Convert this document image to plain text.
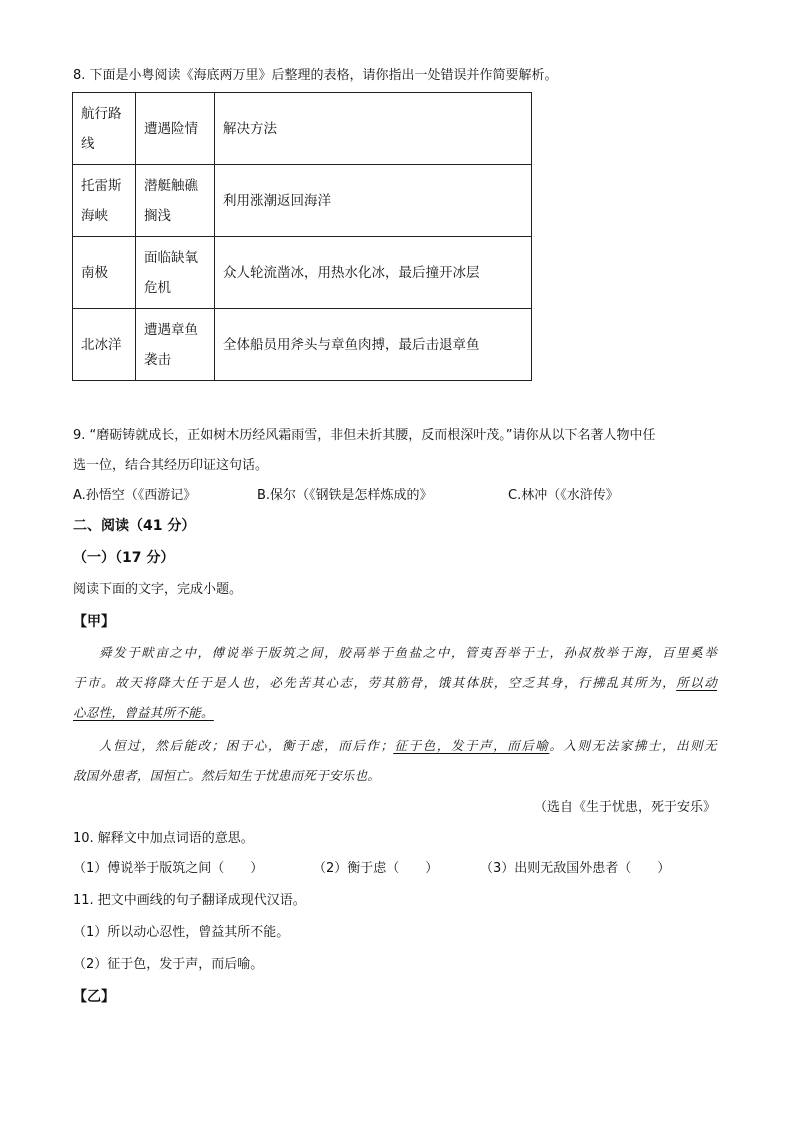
8. 下面是小粤阅读《海底两万里》后整理的表格，请你指出一处错误并作简要解析。
航行路线	遭遇险情	解决方法
托雷斯海峡	潜艇触礁搁浅	利用涨潮返回海洋
南极	面临缺氧危机	众人轮流凿冰，用热水化冰，最后撞开冰层
北冰洋	遭遇章鱼袭击	全体船员用斧头与章鱼肉搏，最后击退章鱼
9. “磨砺铸就成长，正如树木历经风霜雨雪，非但未折其腰，反而根深叶茂。”请你从以下名著人物中任
选一位，结合其经历印证这句话。
A.孙悟空（《西游记》	B.保尔（《钢铁是怎样炼成的》	C.林冲（《水浒传》
二、阅读（41 分）
（一）（17 分）
阅读下面的文字，完成小题。
【甲】
舜发于畎亩之中，傅说举于版筑之间，胶鬲举于鱼盐之中，管夷吾举于士，孙叔敖举于海，百里奚举
于市。故天将降大任于是人也，必先苦其心志，劳其筋骨，饿其体肤，空乏其身，行拂乱其所为，所以动
心忍性，曾益其所不能。
人恒过，然后能改；困于心，衡于虑，而后作；征于色，发于声，而后喻。入则无法家拂士，出则无
敌国外患者，国恒亡。然后知生于忧患而死于安乐也。
（选自《生于忧患，死于安乐》
10. 解释文中加点词语的意思。
（1）傅说举于版筑之间（　　）	（2）衡于虑（　　）	（3）出则无敌国外患者（　　）
11. 把文中画线的句子翻译成现代汉语。
（1）所以动心忍性，曾益其所不能。
（2）征于色，发于声，而后喻。
【乙】
